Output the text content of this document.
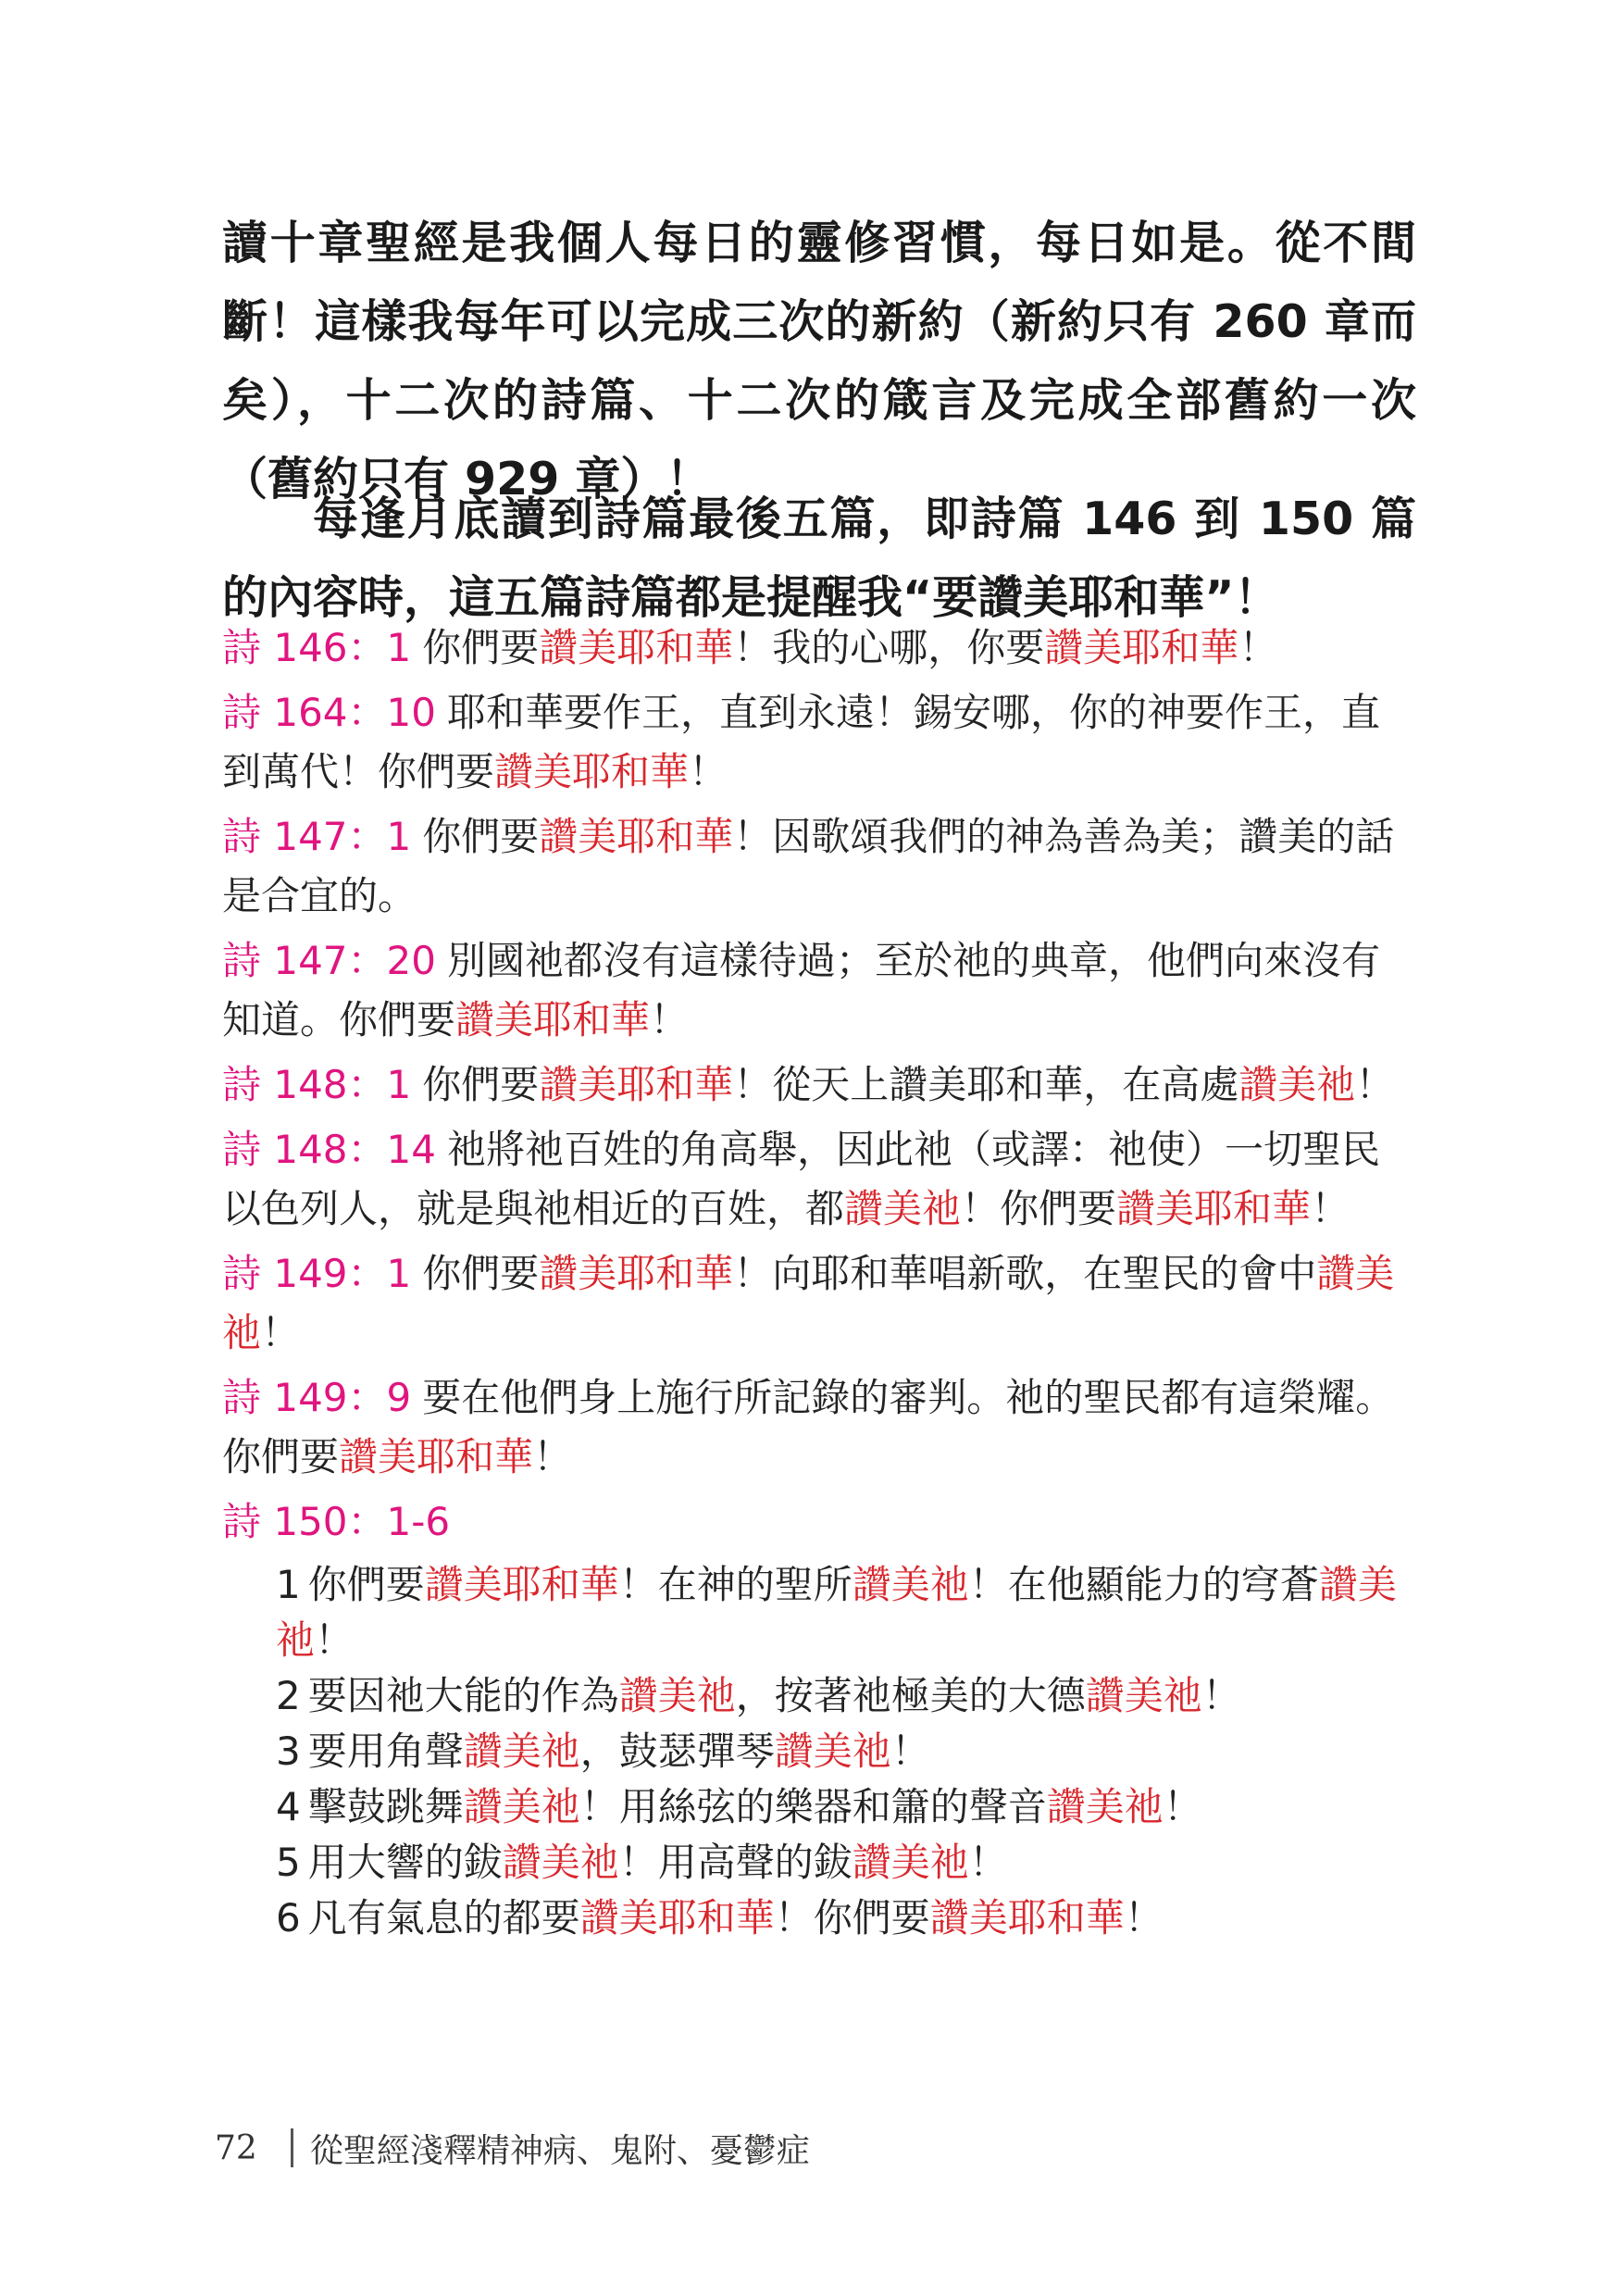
讀十章聖經是我個人每日的靈修習慣，每日如是。從不間斷！這樣我每年可以完成三次的新約（新約只有 260 章而矣），十二次的詩篇、十二次的箴言及完成全部舊約一次（舊約只有 929 章）！

每逢月底讀到詩篇最後五篇，即詩篇 146 到 150 篇的內容時，這五篇詩篇都是提醒我“要讚美耶和華”！

詩 146：1 你們要讚美耶和華！我的心哪，你要讚美耶和華！
詩 164：10 耶和華要作王，直到永遠！錫安哪，你的神要作王，直到萬代！你們要讚美耶和華！
詩 147：1 你們要讚美耶和華！因歌頌我們的神為善為美；讚美的話是合宜的。
詩 147：20 別國祂都沒有這樣待過；至於祂的典章，他們向來沒有知道。你們要讚美耶和華！
詩 148：1 你們要讚美耶和華！從天上讚美耶和華，在高處讚美祂！
詩 148：14 祂將祂百姓的角高舉，因此祂（或譯：祂使）一切聖民以色列人，就是與祂相近的百姓，都讚美祂！你們要讚美耶和華！
詩 149：1 你們要讚美耶和華！向耶和華唱新歌，在聖民的會中讚美祂！
詩 149：9 要在他們身上施行所記錄的審判。祂的聖民都有這榮耀。你們要讚美耶和華！
詩 150：1-6
1 你們要讚美耶和華！在神的聖所讚美祂！在他顯能力的穹蒼讚美祂！
2 要因祂大能的作為讚美祂，按著祂極美的大德讚美祂！
3 要用角聲讚美祂，鼓瑟彈琴讚美祂！
4 擊鼓跳舞讚美祂！用絲弦的樂器和簫的聲音讚美祂！
5 用大響的鈸讚美祂！用高聲的鈸讚美祂！
6 凡有氣息的都要讚美耶和華！你們要讚美耶和華！
72 從聖經淺釋精神病、鬼附、憂鬱症
